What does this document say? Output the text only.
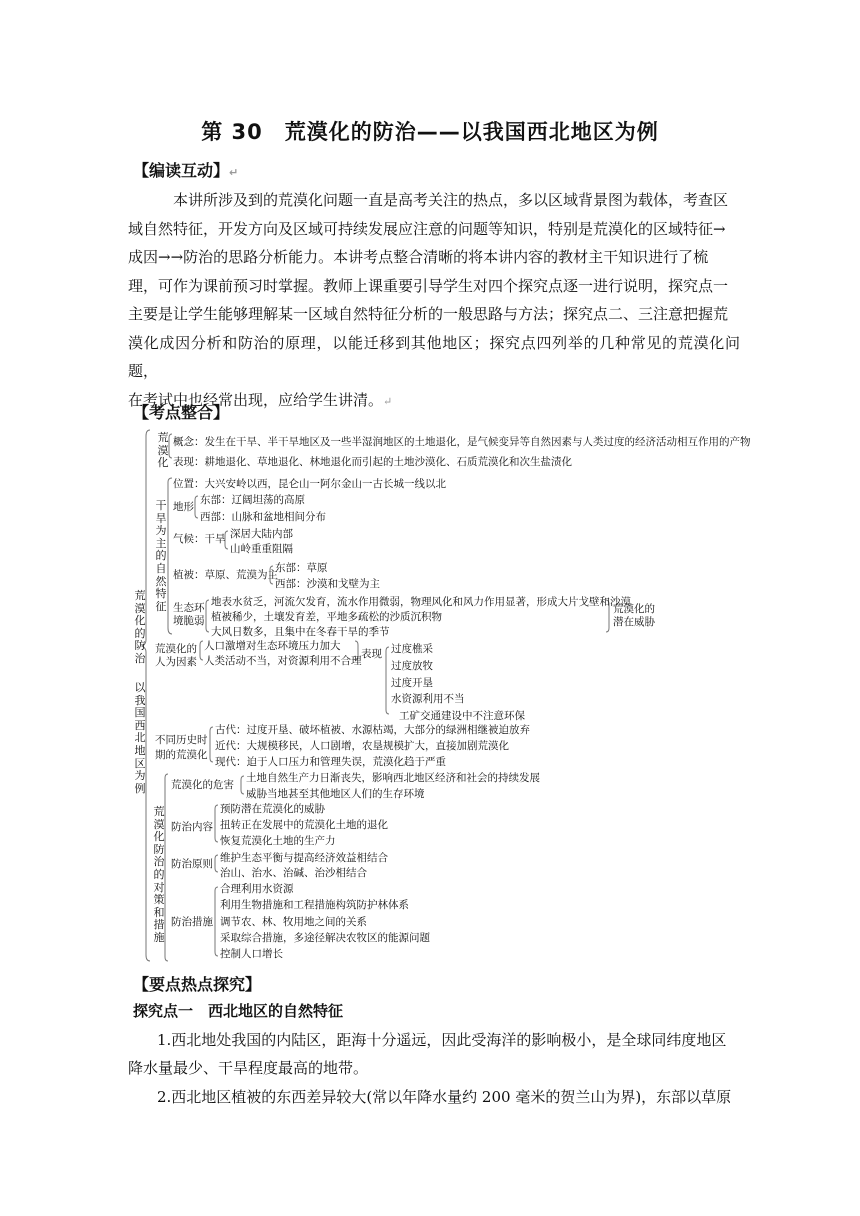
第 30　荒漠化的防治——以我国西北地区为例
【编读互动】↵
本讲所涉及到的荒漠化问题一直是高考关注的热点，多以区域背景图为载体，考查区
域自然特征，开发方向及区域可持续发展应注意的问题等知识，特别是荒漠化的区域特征→
成因→→防治的思路分析能力。本讲考点整合清晰的将本讲内容的教材主干知识进行了梳
理，可作为课前预习时掌握。教师上课重要引导学生对四个探究点逐一进行说明，探究点一
主要是让学生能够理解某一区域自然特征分析的一般思路与方法；探究点二、三注意把握荒
漠化成因分析和防治的原理，以能迁移到其他地区；探究点四列举的几种常见的荒漠化问题，
在考试中也经常出现，应给学生讲清。↵
【考点整合】
荒漠化的防治
以我国西北地区为例
荒漠化
概念：发生在干旱、半干旱地区及一些半湿润地区的土地退化，是气候变异等自然因素与人类过度的经济活动相互作用的产物
表现：耕地退化、草地退化、林地退化而引起的土地沙漠化、石质荒漠化和次生盐渍化
干旱为主的自然特征
位置：大兴安岭以西，昆仑山一阿尔金山一古长城一线以北
地形
东部：辽阔坦荡的高原
西部：山脉和盆地相间分布
气候：干旱 深居大陆内部
山岭重重阻隔
植被：草原、荒漠为主
东部：草原
西部：沙漠和戈壁为主
生态环境脆弱
地表水贫乏，河流欠发育，流水作用微弱，物理风化和风力作用显著，形成大片戈壁和沙漠
植被稀少，土壤发育差，平地多疏松的沙质沉积物
大风日数多，且集中在冬春干旱的季节
荒漠化的潜在威胁
荒漠化的人为因素
人口激增对生态环境压力加大
人类活动不当，对资源利用不合理
表现 过度樵采
过度放牧
过度开垦
水资源利用不当
工矿交通建设中不注意环保
不同历史时期的荒漠化
古代：过度开垦、破坏植被、水源枯竭，大部分的绿洲相继被迫放弃
近代：大规模移民，人口剧增，农垦规模扩大，直接加剧荒漠化
现代：迫于人口压力和管理失误，荒漠化趋于严重
荒漠化防治的对策和措施
荒漠化的危害
土地自然生产力日渐丧失，影响西北地区经济和社会的持续发展
威胁当地甚至其他地区人们的生存环境
防治内容
预防潜在荒漠化的威胁
扭转正在发展中的荒漠化土地的退化
恢复荒漠化土地的生产力
防治原则 维护生态平衡与提高经济效益相结合
治山、治水、治碱、治沙相结合
防治措施
合理利用水资源
利用生物措施和工程措施构筑防护林体系
调节农、林、牧用地之间的关系
采取综合措施，多途径解决农牧区的能源问题
控制人口增长
【要点热点探究】
探究点一　西北地区的自然特征
1.西北地处我国的内陆区，距海十分遥远，因此受海洋的影响极小，是全球同纬度地区
降水量最少、干旱程度最高的地带。
2.西北地区植被的东西差异较大(常以年降水量约 200 毫米的贺兰山为界)，东部以草原
